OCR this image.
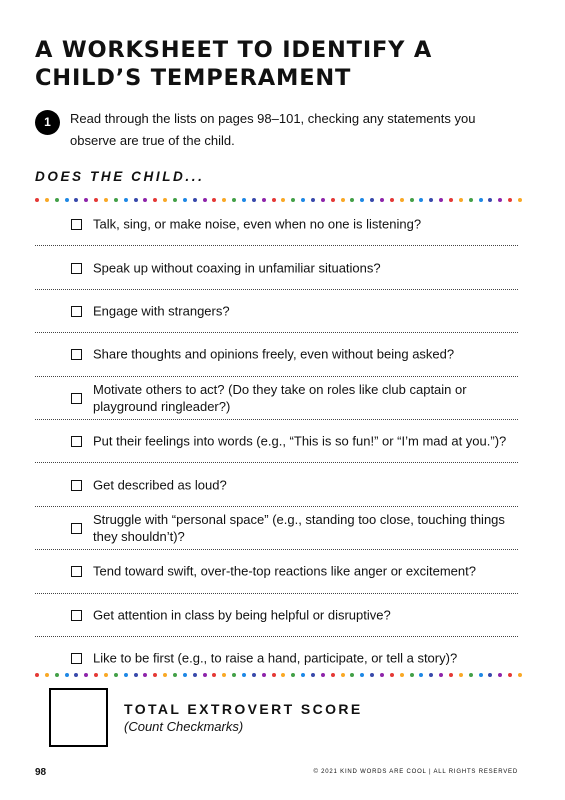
A WORKSHEET TO IDENTIFY A
CHILD’S TEMPERAMENT
1	Read through the lists on pages 98–101, checking any statements you observe are true of the child.
DOES THE CHILD...
Talk, sing, or make noise, even when no one is listening?
Speak up without coaxing in unfamiliar situations?
Engage with strangers?
Share thoughts and opinions freely, even without being asked?
Motivate others to act? (Do they take on roles like club captain or playground ringleader?)
Put their feelings into words (e.g., “This is so fun!” or “I’m mad at you.”)?
Get described as loud?
Struggle with “personal space” (e.g., standing too close, touching things they shouldn’t)?
Tend toward swift, over-the-top reactions like anger or excitement?
Get attention in class by being helpful or disruptive?
Like to be first (e.g., to raise a hand, participate, or tell a story)?
TOTAL EXTROVERT SCORE
(Count Checkmarks)
98	© 2021 KIND WORDS ARE COOL | ALL RIGHTS RESERVED
